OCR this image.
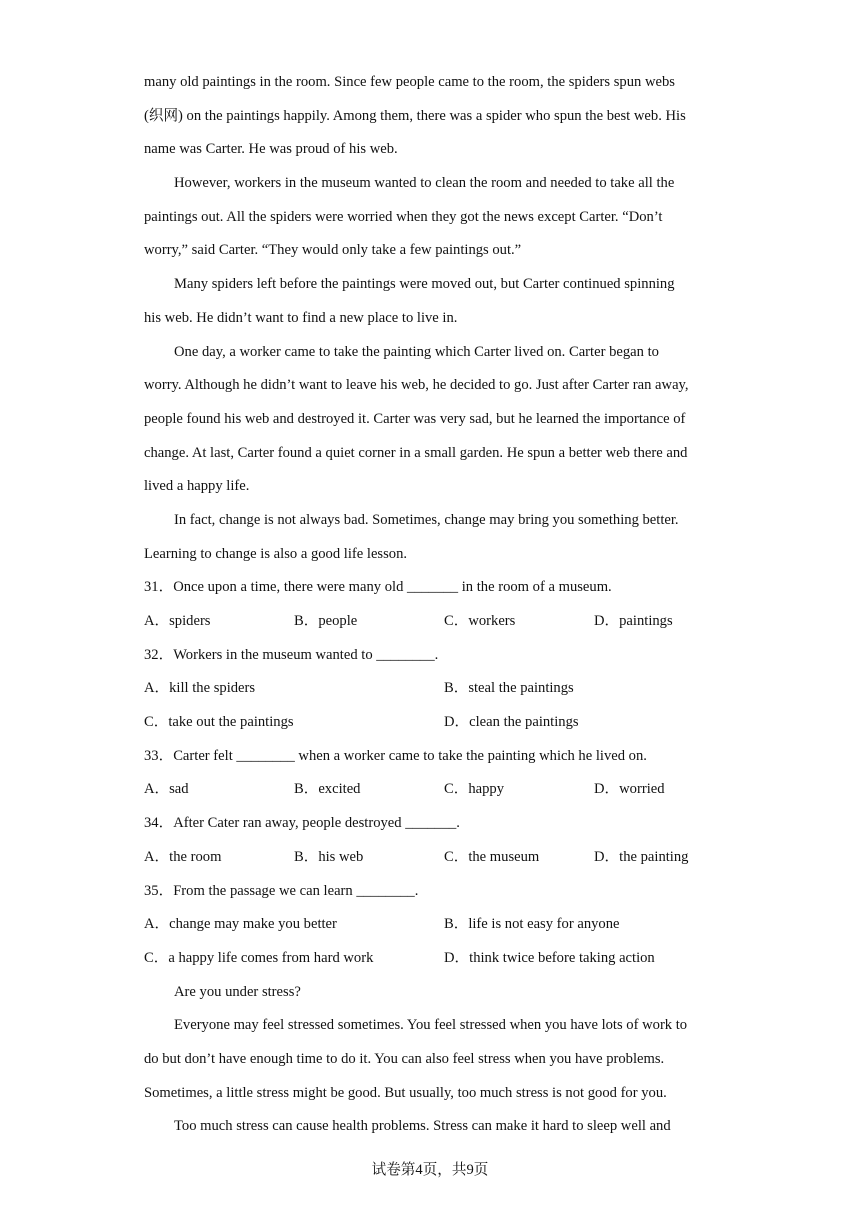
many old paintings in the room. Since few people came to the room, the spiders spun webs
(织网) on the paintings happily. Among them, there was a spider who spun the best web. His
name was Carter. He was proud of his web.
However, workers in the museum wanted to clean the room and needed to take all the
paintings out. All the spiders were worried when they got the news except Carter. “Don’t
worry,” said Carter. “They would only take a few paintings out.”
Many spiders left before the paintings were moved out, but Carter continued spinning
his web. He didn’t want to find a new place to live in.
One day, a worker came to take the painting which Carter lived on. Carter began to
worry. Although he didn’t want to leave his web, he decided to go. Just after Carter ran away,
people found his web and destroyed it. Carter was very sad, but he learned the importance of
change. At last, Carter found a quiet corner in a small garden. He spun a better web there and
lived a happy life.
In fact, change is not always bad. Sometimes, change may bring you something better.
Learning to change is also a good life lesson.
31．Once upon a time, there were many old _______ in the room of a museum.
A．spiders	B．people	C．workers	D．paintings
32．Workers in the museum wanted to ________.
A．kill the spiders	B．steal the paintings
C．take out the paintings	D．clean the paintings
33．Carter felt ________ when a worker came to take the painting which he lived on.
A．sad	B．excited	C．happy	D．worried
34．After Cater ran away, people destroyed _______.
A．the room	B．his web	C．the museum	D．the painting
35．From the passage we can learn ________.
A．change may make you better	B．life is not easy for anyone
C．a happy life comes from hard work	D．think twice before taking action
Are you under stress?
Everyone may feel stressed sometimes. You feel stressed when you have lots of work to
do but don’t have enough time to do it. You can also feel stress when you have problems.
Sometimes, a little stress might be good. But usually, too much stress is not good for you.
Too much stress can cause health problems. Stress can make it hard to sleep well and
试卷第4页，共9页
